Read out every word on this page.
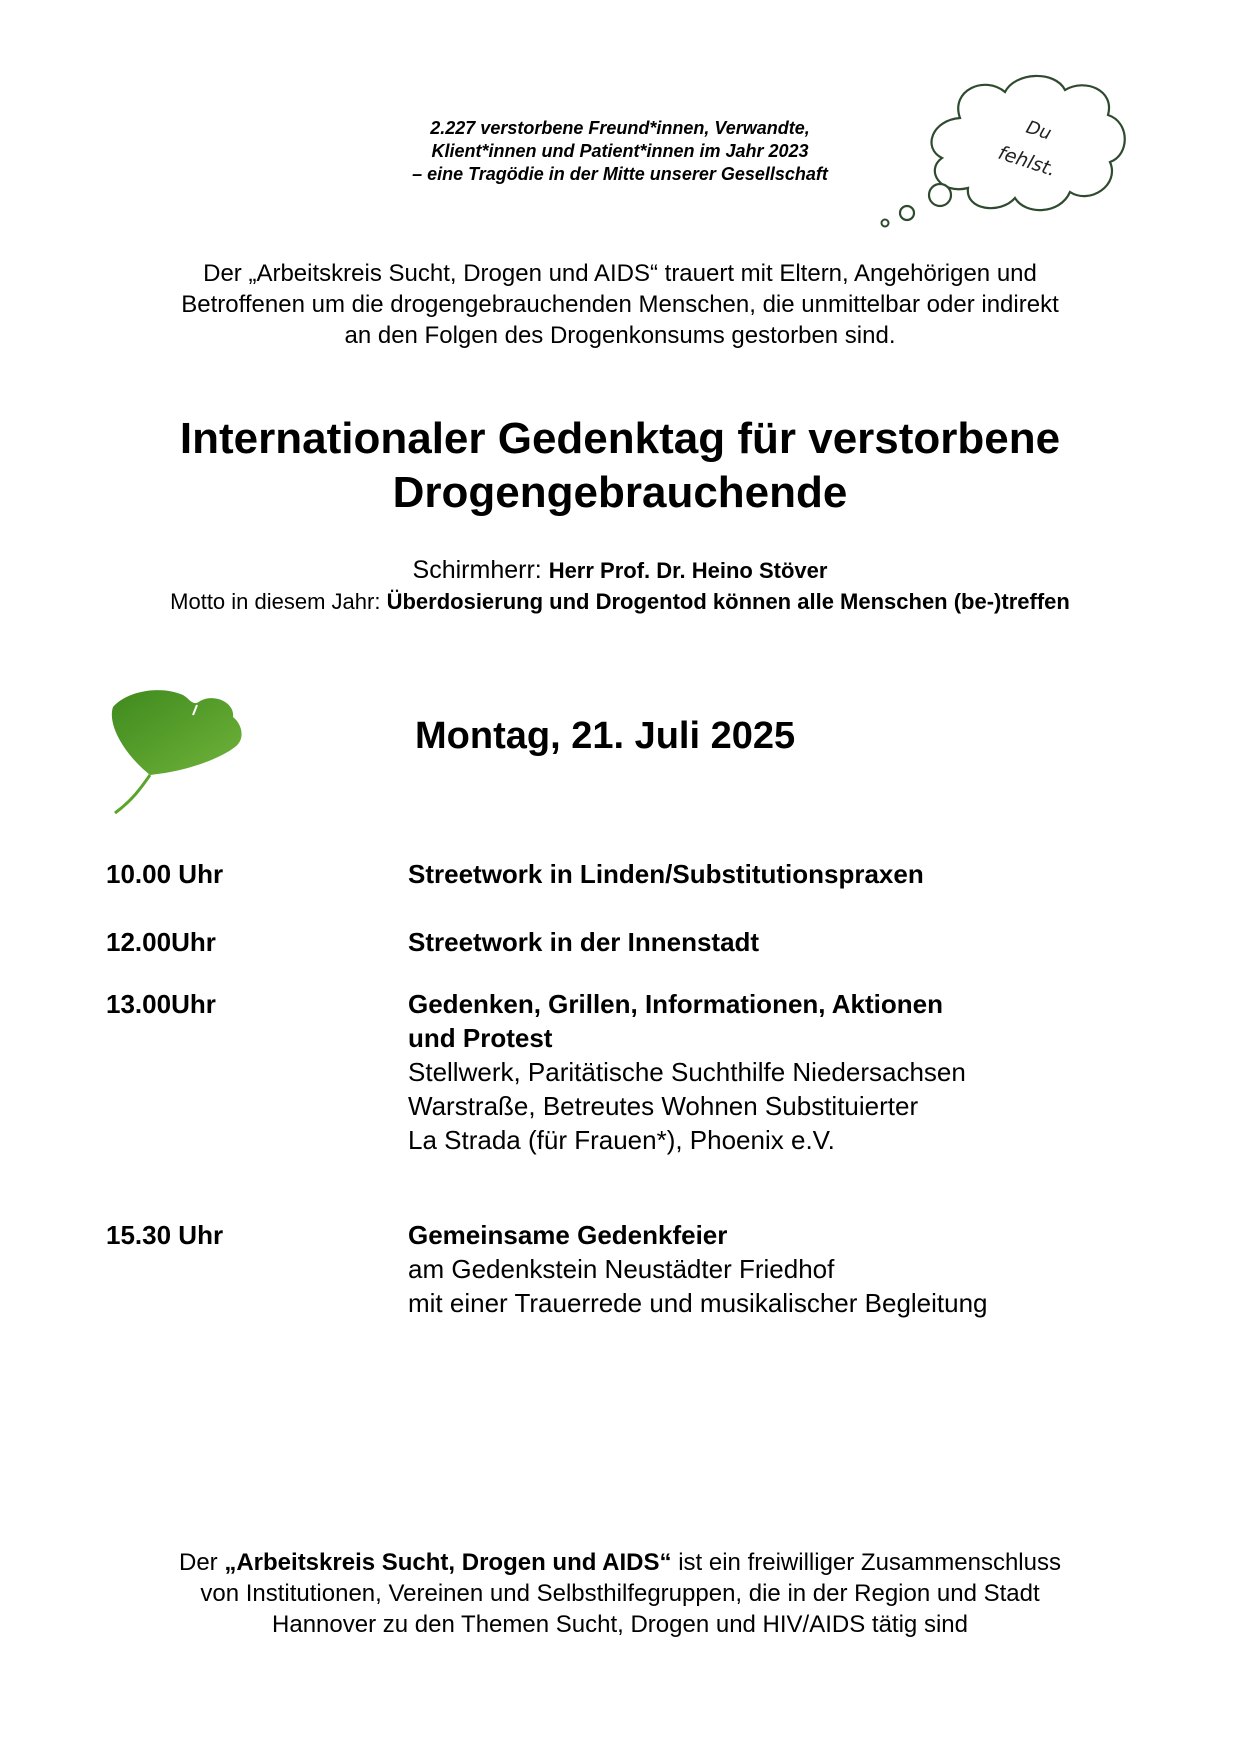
2.227 verstorbene Freund*innen, Verwandte,
Klient*innen und Patient*innen im Jahr 2023
– eine Tragödie in der Mitte unserer Gesellschaft
Du
fehlst.
Der „Arbeitskreis Sucht, Drogen und AIDS“ trauert mit Eltern, Angehörigen und
Betroffenen um die drogengebrauchenden Menschen, die unmittelbar oder indirekt
an den Folgen des Drogenkonsums gestorben sind.
Internationaler Gedenktag für verstorbene
Drogengebrauchende
Schirmherr: Herr Prof. Dr. Heino Stöver
Motto in diesem Jahr: Überdosierung und Drogentod können alle Menschen (be-)treffen
Montag, 21. Juli 2025
10.00 Uhr	Streetwork in Linden/Substitutionspraxen
12.00Uhr	Streetwork in der Innenstadt
13.00Uhr	Gedenken, Grillen, Informationen, Aktionen
und Protest
Stellwerk, Paritätische Suchthilfe Niedersachsen
Warstraße, Betreutes Wohnen Substituierter
La Strada (für Frauen*), Phoenix e.V.
15.30 Uhr	Gemeinsame Gedenkfeier
am Gedenkstein Neustädter Friedhof
mit einer Trauerrede und musikalischer Begleitung
Der „Arbeitskreis Sucht, Drogen und AIDS“ ist ein freiwilliger Zusammenschluss
von Institutionen, Vereinen und Selbsthilfegruppen, die in der Region und Stadt
Hannover zu den Themen Sucht, Drogen und HIV/AIDS tätig sind
